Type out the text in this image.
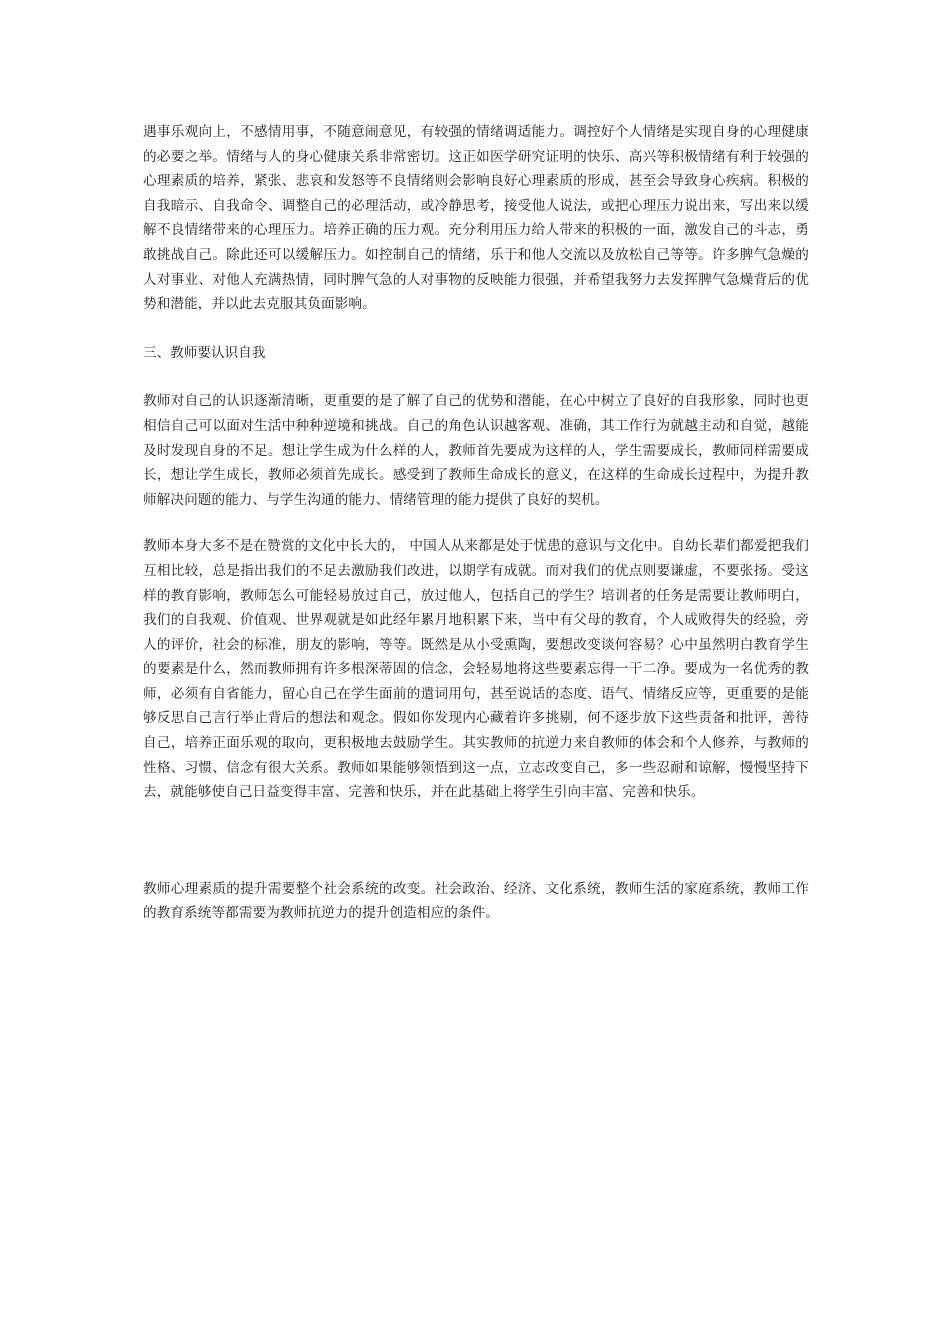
遇事乐观向上，不感情用事，不随意闹意见，有较强的情绪调适能力。调控好个人情绪是实现自身的心理健康的必要之举。情绪与人的身心健康关系非常密切。这正如医学研究证明的快乐、高兴等积极情绪有利于较强的心理素质的培养，紧张、悲哀和发怒等不良情绪则会影响良好心理素质的形成，甚至会导致身心疾病。积极的自我暗示、自我命令、调整自己的必理活动，或冷静思考，接受他人说法，或把心理压力说出来，写出来以缓解不良情绪带来的心理压力。培养正确的压力观。充分利用压力给人带来的积极的一面，激发自己的斗志，勇敢挑战自己。除此还可以缓解压力。如控制自己的情绪，乐于和他人交流以及放松自己等等。许多脾气急燥的人对事业、对他人充满热情，同时脾气急的人对事物的反映能力很强，并希望我努力去发挥脾气急燥背后的优势和潜能，并以此去克服其负面影响。

三、教师要认识自我

教师对自己的认识逐渐清晰，更重要的是了解了自己的优势和潜能，在心中树立了良好的自我形象，同时也更相信自己可以面对生活中种种逆境和挑战。自己的角色认识越客观、准确，其工作行为就越主动和自觉，越能及时发现自身的不足。想让学生成为什么样的人，教师首先要成为这样的人，学生需要成长，教师同样需要成长，想让学生成长，教师必须首先成长。感受到了教师生命成长的意义，在这样的生命成长过程中，为提升教师解决问题的能力、与学生沟通的能力、情绪管理的能力提供了良好的契机。

教师本身大多不是在赞赏的文化中长大的， 中国人从来都是处于忧患的意识与文化中。自幼长辈们都爱把我们互相比较，总是指出我们的不足去激励我们改进，以期学有成就。而对我们的优点则要谦虚，不要张扬。受这样的教育影响，教师怎么可能轻易放过自己，放过他人，包括自己的学生？培训者的任务是需要让教师明白，我们的自我观、价值观、世界观就是如此经年累月地积累下来，当中有父母的教育，个人成败得失的经验，旁人的评价，社会的标准，朋友的影响，等等。既然是从小受熏陶，要想改变谈何容易？心中虽然明白教育学生的要素是什么，然而教师拥有许多根深蒂固的信念，会轻易地将这些要素忘得一干二净。要成为一名优秀的教师，必须有自省能力，留心自己在学生面前的遣词用句，甚至说话的态度、语气、情绪反应等，更重要的是能够反思自己言行举止背后的想法和观念。假如你发现内心藏着许多挑剔，何不逐步放下这些责备和批评，善待自己，培养正面乐观的取向，更积极地去鼓励学生。其实教师的抗逆力来自教师的体会和个人修养，与教师的性格、习惯、信念有很大关系。教师如果能够领悟到这一点，立志改变自己，多一些忍耐和谅解，慢慢坚持下去，就能够使自己日益变得丰富、完善和快乐，并在此基础上将学生引向丰富、完善和快乐。

教师心理素质的提升需要整个社会系统的改变。社会政治、经济、文化系统，教师生活的家庭系统，教师工作的教育系统等都需要为教师抗逆力的提升创造相应的条件。
